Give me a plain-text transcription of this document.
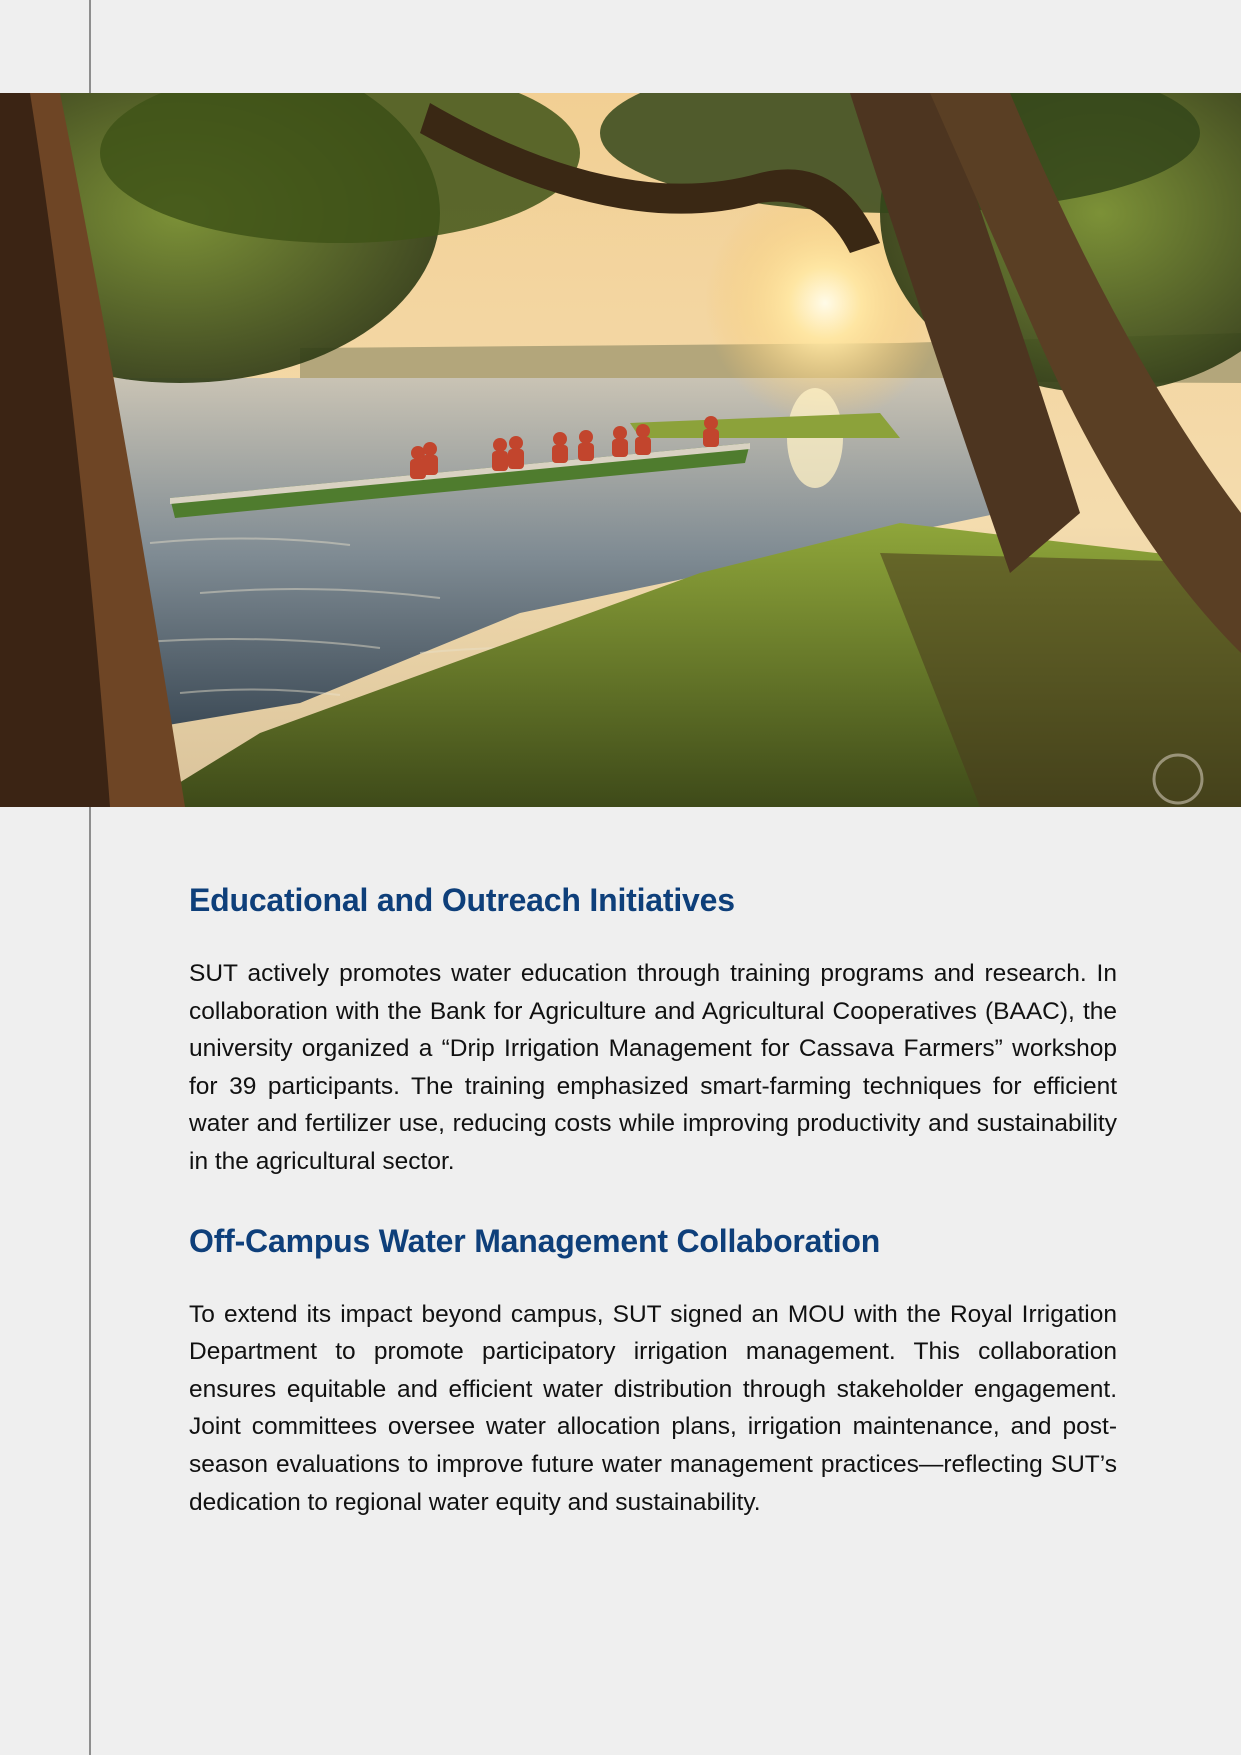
Educational and Outreach Initiatives

SUT actively promotes water education through training programs and research. In collaboration with the Bank for Agriculture and Agricultural Cooperatives (BAAC), the university organized a “Drip Irrigation Management for Cassava Farmers” workshop for 39 participants. The training emphasized smart-farming techniques for efficient water and fertilizer use, reducing costs while improving productivity and sustainability in the agricultural sector.

Off-Campus Water Management Collaboration

To extend its impact beyond campus, SUT signed an MOU with the Royal Irrigation Department to promote participatory irrigation management. This collaboration ensures equitable and efficient water distribution through stakeholder engagement. Joint committees oversee water allocation plans, irrigation maintenance, and post-season evaluations to improve future water management practices—reflecting SUT’s dedication to regional water equity and sustainability.
